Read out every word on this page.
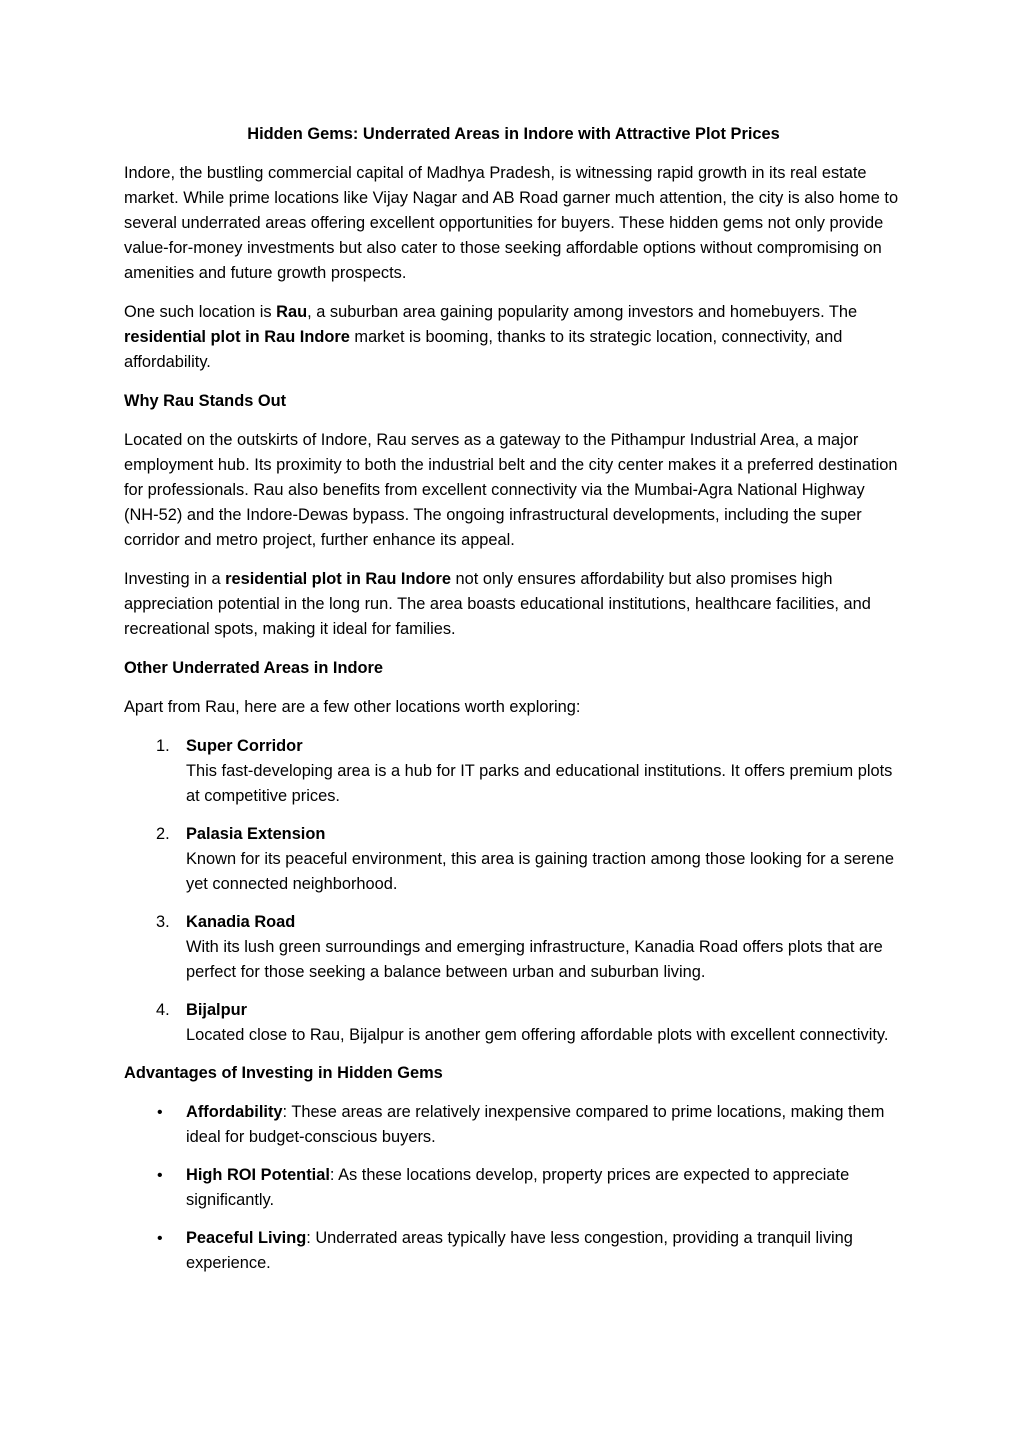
Hidden Gems: Underrated Areas in Indore with Attractive Plot Prices

Indore, the bustling commercial capital of Madhya Pradesh, is witnessing rapid growth in its real estate market. While prime locations like Vijay Nagar and AB Road garner much attention, the city is also home to several underrated areas offering excellent opportunities for buyers. These hidden gems not only provide value-for-money investments but also cater to those seeking affordable options without compromising on amenities and future growth prospects.

One such location is Rau, a suburban area gaining popularity among investors and homebuyers. The residential plot in Rau Indore market is booming, thanks to its strategic location, connectivity, and affordability.

Why Rau Stands Out

Located on the outskirts of Indore, Rau serves as a gateway to the Pithampur Industrial Area, a major employment hub. Its proximity to both the industrial belt and the city center makes it a preferred destination for professionals. Rau also benefits from excellent connectivity via the Mumbai-Agra National Highway (NH-52) and the Indore-Dewas bypass. The ongoing infrastructural developments, including the super corridor and metro project, further enhance its appeal.

Investing in a residential plot in Rau Indore not only ensures affordability but also promises high appreciation potential in the long run. The area boasts educational institutions, healthcare facilities, and recreational spots, making it ideal for families.

Other Underrated Areas in Indore

Apart from Rau, here are a few other locations worth exploring:

1. Super Corridor
This fast-developing area is a hub for IT parks and educational institutions. It offers premium plots at competitive prices.
2. Palasia Extension
Known for its peaceful environment, this area is gaining traction among those looking for a serene yet connected neighborhood.
3. Kanadia Road
With its lush green surroundings and emerging infrastructure, Kanadia Road offers plots that are perfect for those seeking a balance between urban and suburban living.
4. Bijalpur
Located close to Rau, Bijalpur is another gem offering affordable plots with excellent connectivity.
Advantages of Investing in Hidden Gems
• Affordability: These areas are relatively inexpensive compared to prime locations, making them ideal for budget-conscious buyers.
• High ROI Potential: As these locations develop, property prices are expected to appreciate significantly.
• Peaceful Living: Underrated areas typically have less congestion, providing a tranquil living experience.
